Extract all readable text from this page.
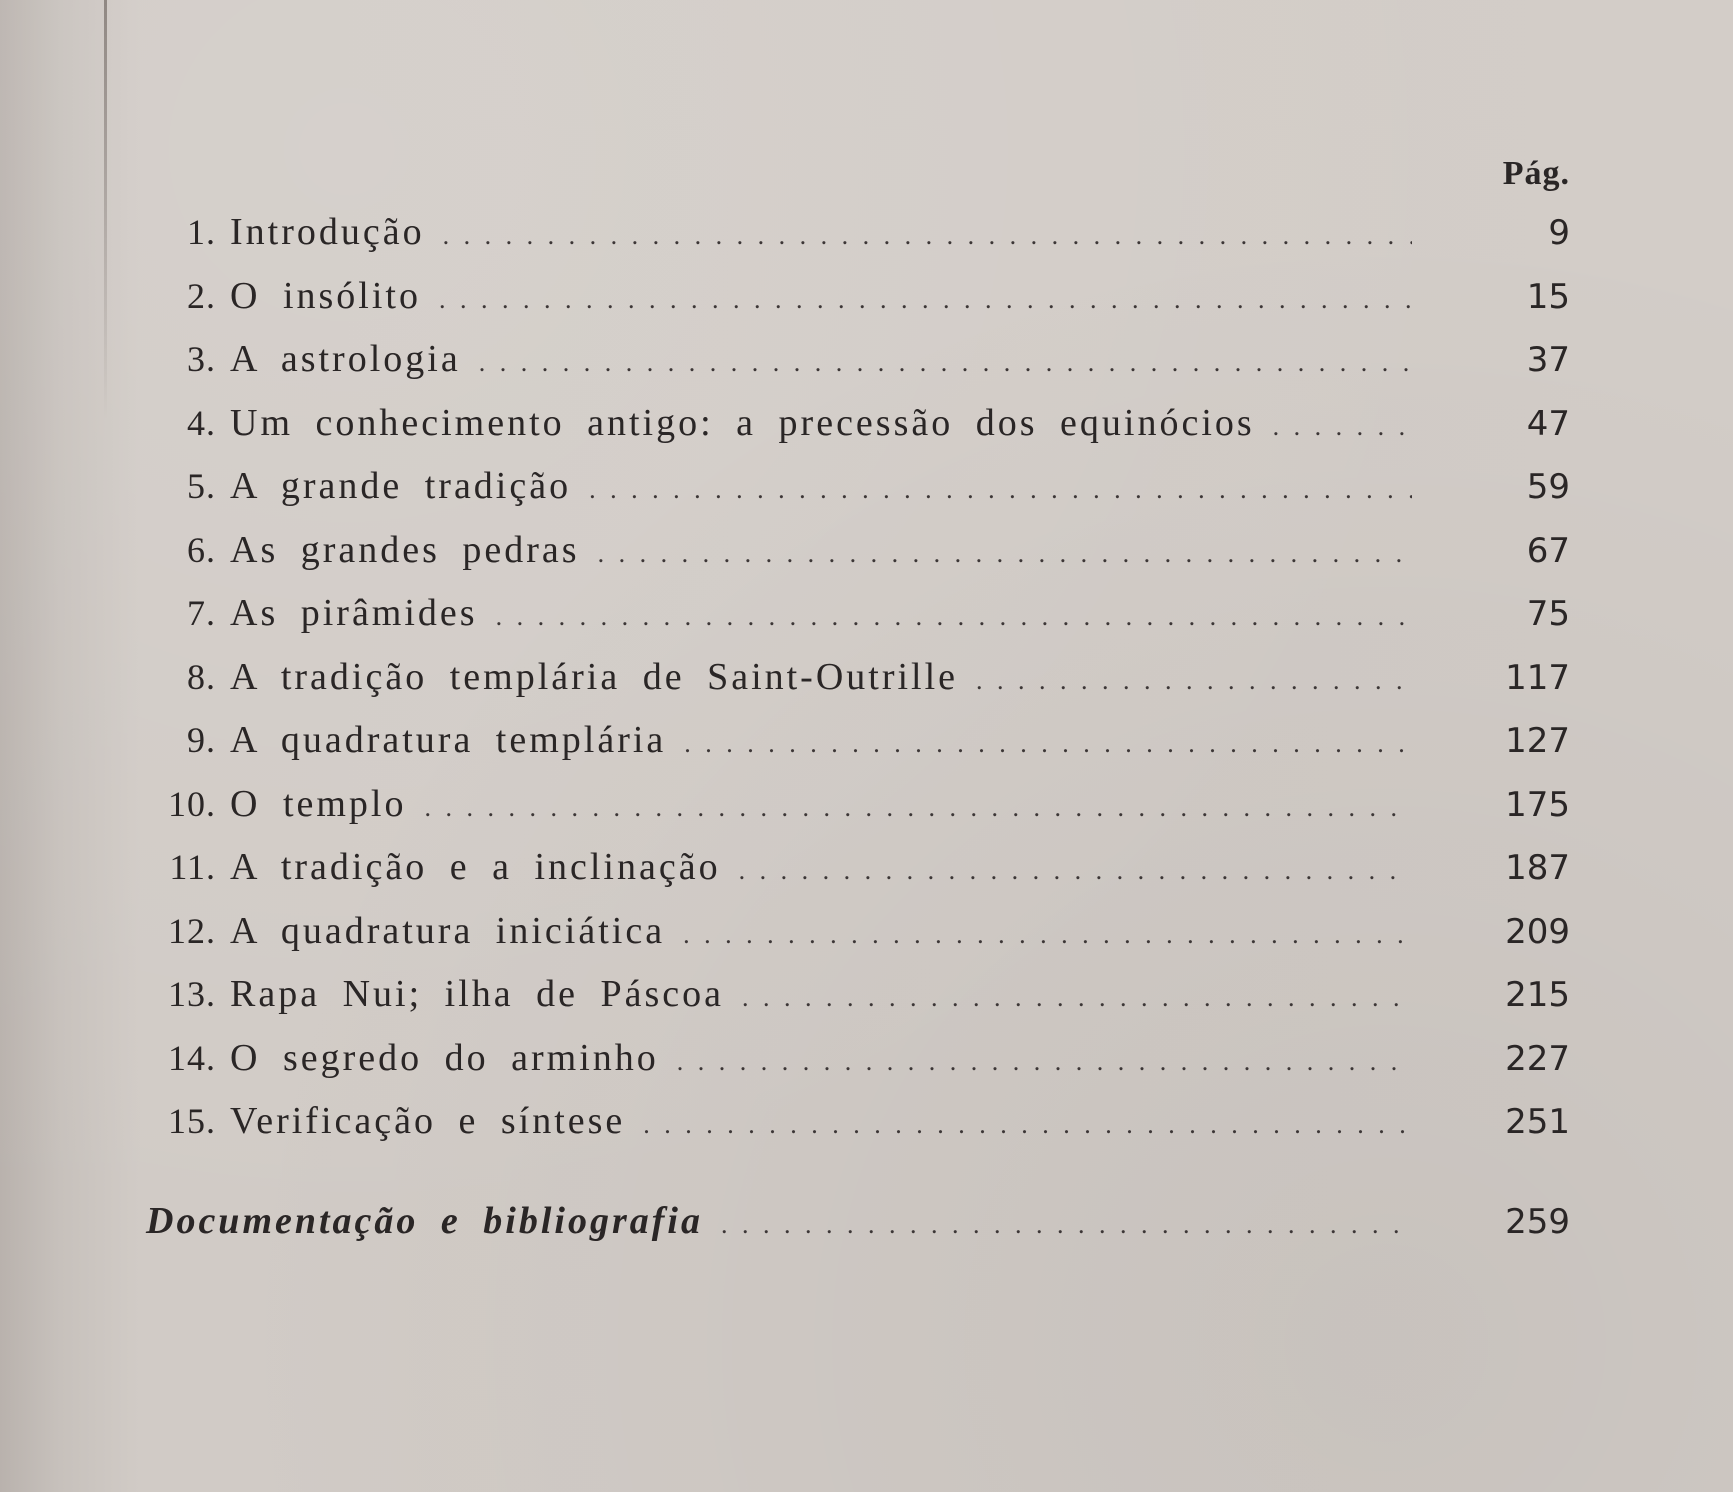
Pág.
1. Introdução . . .	9
2. O insólito . . .	15
3. A astrologia . . .	37
4. Um conhecimento antigo: a precessão dos equinócios . . .	47
5. A grande tradição . . .	59
6. As grandes pedras . . .	67
7. As pirâmides . . .	75
8. A tradição templária de Saint-Outrille . . .	117
9. A quadratura templária . . .	127
10. O templo . . .	175
11. A tradição e a inclinação . . .	187
12. A quadratura iniciática . . .	209
13. Rapa Nui; ilha de Páscoa . . .	215
14. O segredo do arminho . . .	227
15. Verificação e síntese . . .	251
Documentação e bibliografia . . .	259
